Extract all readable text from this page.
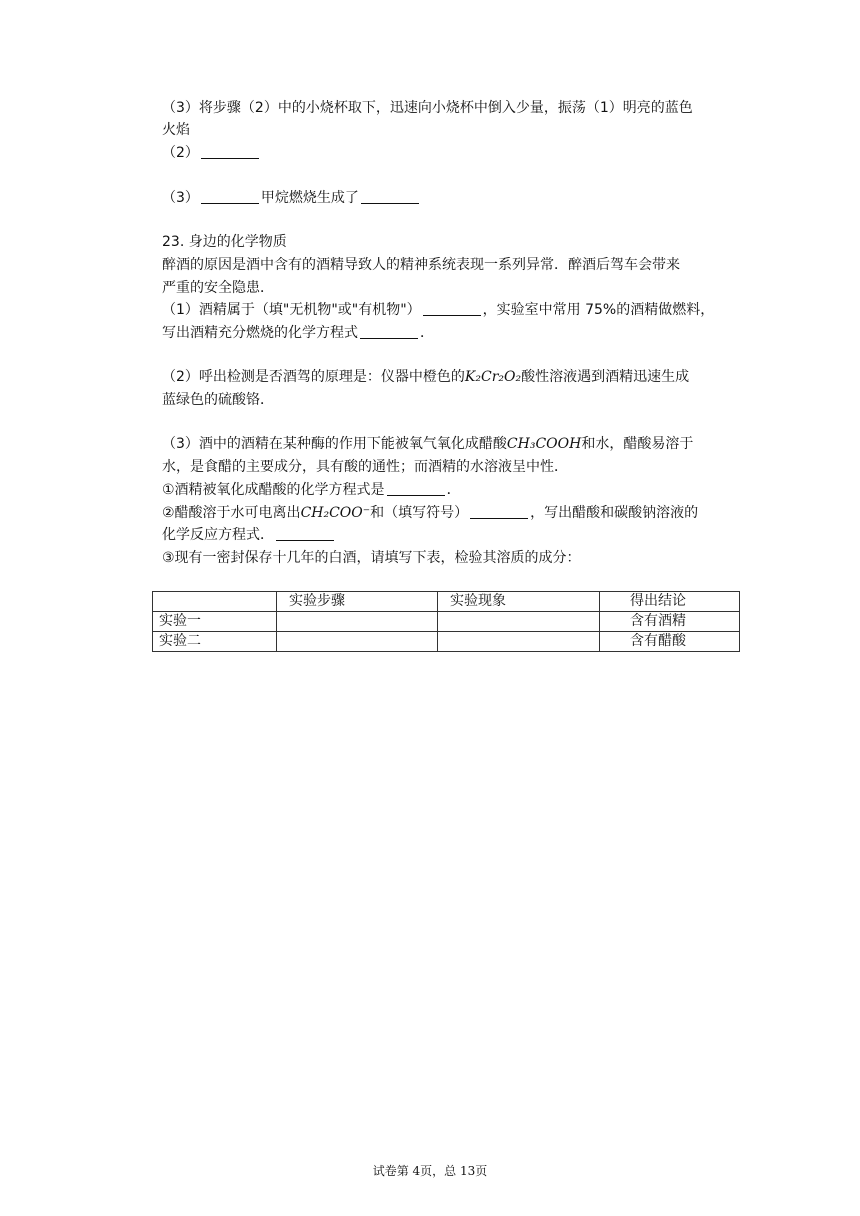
（3）将步骤（2）中的小烧杯取下，迅速向小烧杯中倒入少量，振荡（1）明亮的蓝色
火焰
（2）
（3）	甲烷燃烧生成了
23. 身边的化学物质
醉酒的原因是酒中含有的酒精导致人的精神系统表现一系列异常．醉酒后驾车会带来
严重的安全隐患．
（1）酒精属于（填"无机物"或"有机物"）	，实验室中常用 75%的酒精做燃料，
写出酒精充分燃烧的化学方程式	．
（2）呼出检测是否酒驾的原理是：仪器中橙色的K₂Cr₂O₂酸性溶液遇到酒精迅速生成
蓝绿色的硫酸铬．
（3）酒中的酒精在某种酶的作用下能被氧气氧化成醋酸CH₃COOH和水，醋酸易溶于
水，是食醋的主要成分，具有酸的通性；而酒精的水溶液呈中性．
①酒精被氧化成醋酸的化学方程式是	．
②醋酸溶于水可电离出CH₂COO⁻和（填写符号）	，写出醋酸和碳酸钠溶液的
化学反应方程式．
③现有一密封保存十几年的白酒，请填写下表，检验其溶质的成分：
	实验步骤	实验现象	得出结论
实验一			含有酒精
实验二			含有醋酸
试卷第 4页，总 13页
